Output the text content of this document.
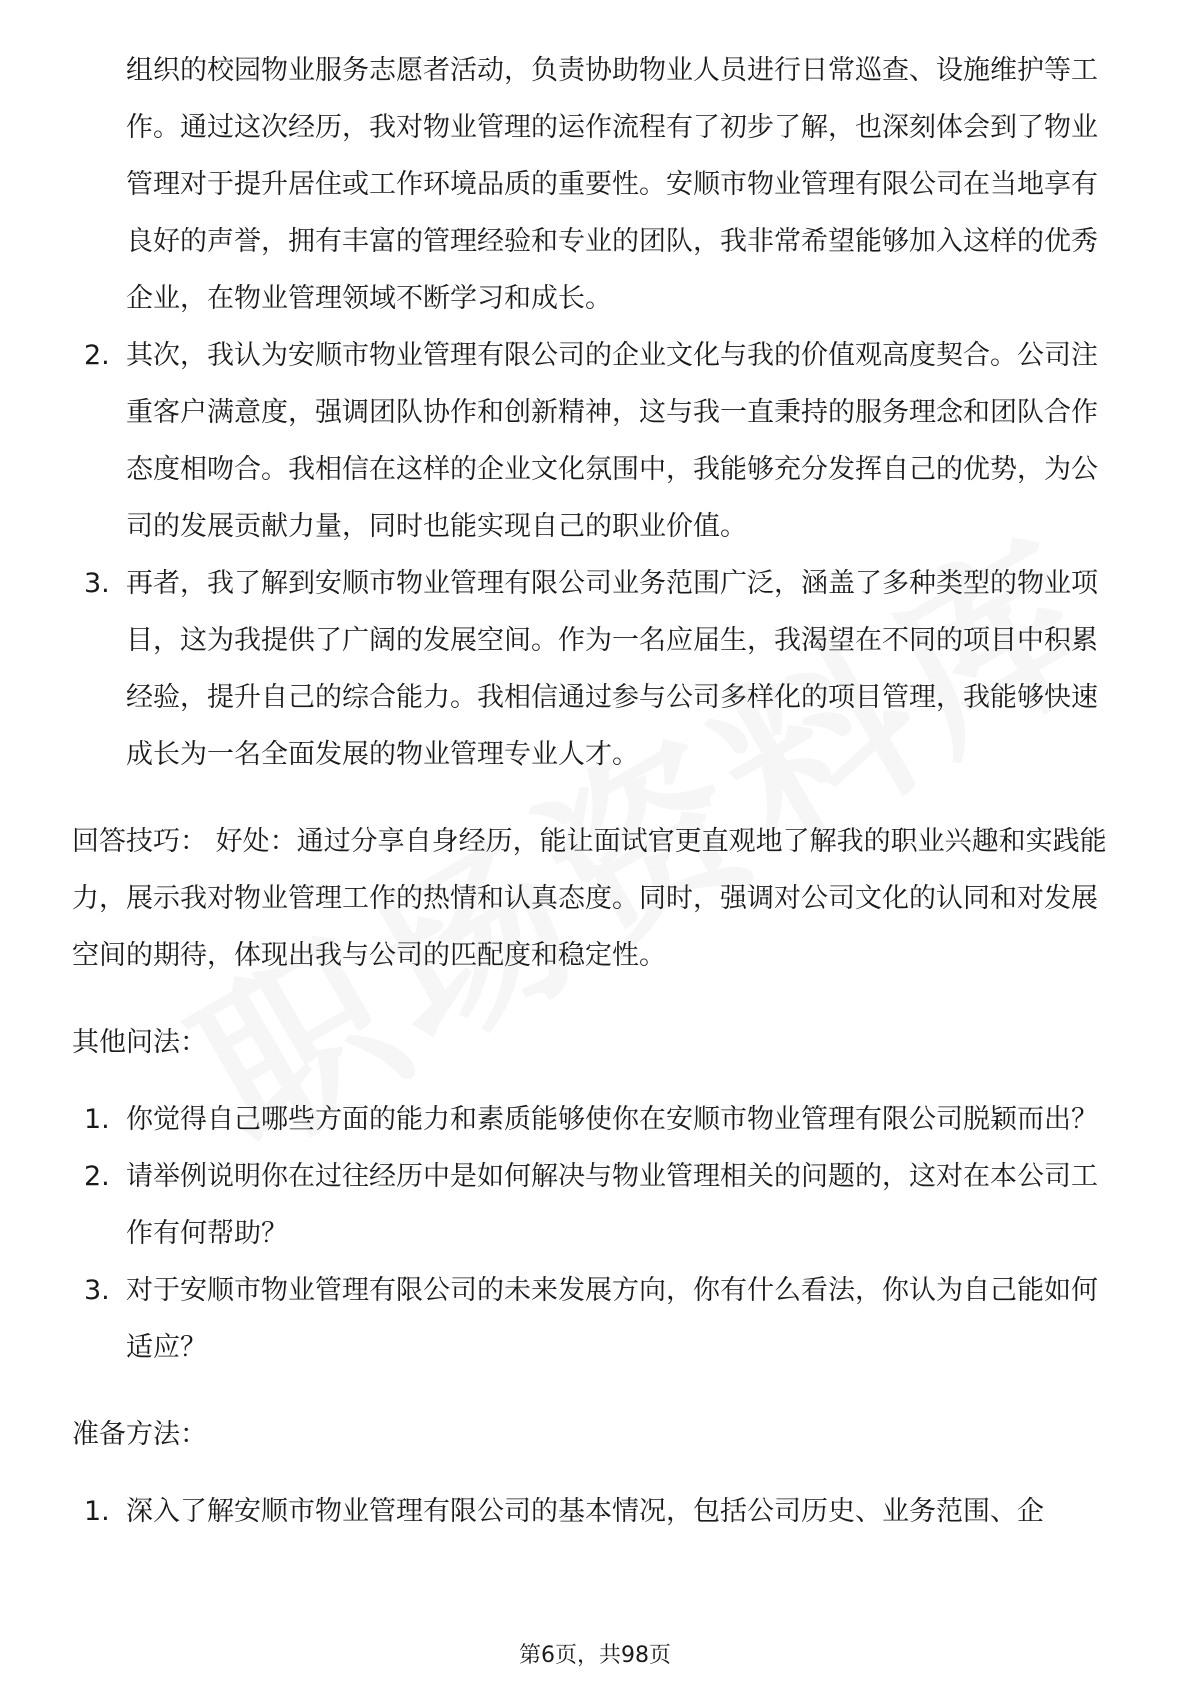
组织的校园物业服务志愿者活动，负责协助物业人员进行日常巡查、设施维护等工作。通过这次经历，我对物业管理的运作流程有了初步了解，也深刻体会到了物业管理对于提升居住或工作环境品质的重要性。安顺市物业管理有限公司在当地享有良好的声誉，拥有丰富的管理经验和专业的团队，我非常希望能够加入这样的优秀企业，在物业管理领域不断学习和成长。

2. 其次，我认为安顺市物业管理有限公司的企业文化与我的价值观高度契合。公司注重客户满意度，强调团队协作和创新精神，这与我一直秉持的服务理念和团队合作态度相吻合。我相信在这样的企业文化氛围中，我能够充分发挥自己的优势，为公司的发展贡献力量，同时也能实现自己的职业价值。
3. 再者，我了解到安顺市物业管理有限公司业务范围广泛，涵盖了多种类型的物业项目，这为我提供了广阔的发展空间。作为一名应届生，我渴望在不同的项目中积累经验，提升自己的综合能力。我相信通过参与公司多样化的项目管理，我能够快速成长为一名全面发展的物业管理专业人才。

回答技巧： 好处：通过分享自身经历，能让面试官更直观地了解我的职业兴趣和实践能力，展示我对物业管理工作的热情和认真态度。同时，强调对公司文化的认同和对发展空间的期待，体现出我与公司的匹配度和稳定性。

其他问法：

1. 你觉得自己哪些方面的能力和素质能够使你在安顺市物业管理有限公司脱颖而出？
2. 请举例说明你在过往经历中是如何解决与物业管理相关的问题的，这对在本公司工作有何帮助？
3. 对于安顺市物业管理有限公司的未来发展方向，你有什么看法，你认为自己能如何适应？

准备方法：

1. 深入了解安顺市物业管理有限公司的基本情况，包括公司历史、业务范围、企
第6页，共98页
